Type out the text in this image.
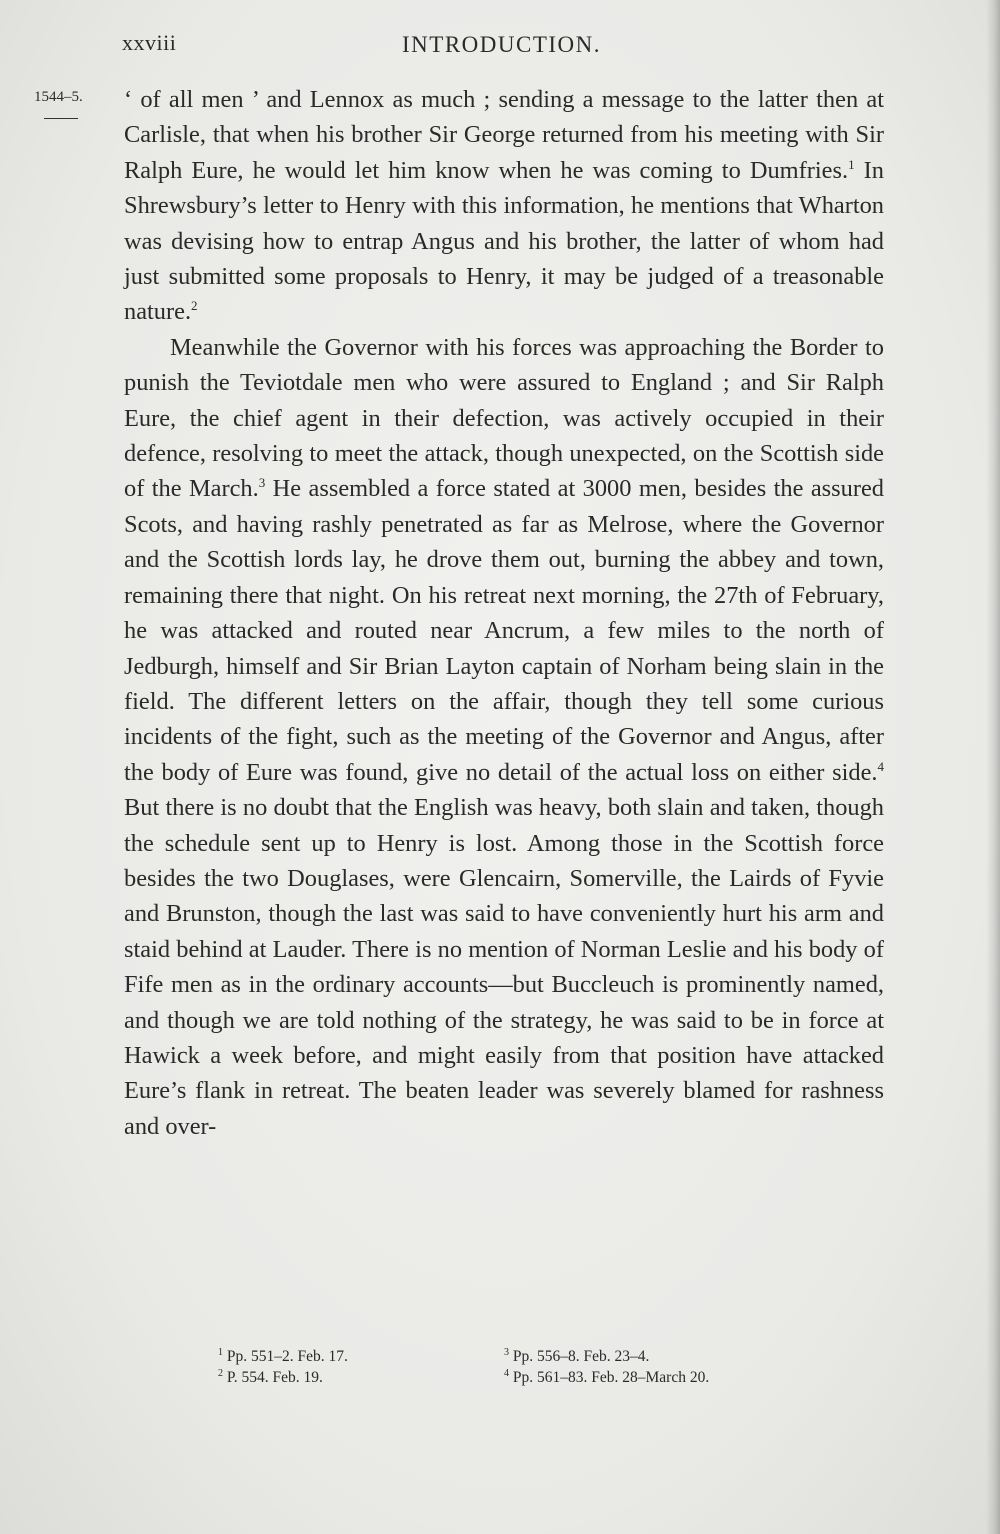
xxviii	INTRODUCTION.
1544–5. ‘ of all men ’ and Lennox as much ; sending a message to the latter then at Carlisle, that when his brother Sir George returned from his meeting with Sir Ralph Eure, he would let him know when he was coming to Dumfries.$^1$ In Shrewsbury’s letter to Henry with this information, he mentions that Wharton was devising how to entrap Angus and his brother, the latter of whom had just submitted some proposals to Henry, it may be judged of a treasonable nature.$^2$

Meanwhile the Governor with his forces was approaching the Border to punish the Teviotdale men who were assured to England ; and Sir Ralph Eure, the chief agent in their defection, was actively occupied in their defence, resolving to meet the attack, though unexpected, on the Scottish side of the March.$^3$ He assembled a force stated at 3000 men, besides the assured Scots, and having rashly penetrated as far as Melrose, where the Governor and the Scottish lords lay, he drove them out, burning the abbey and town, remaining there that night. On his retreat next morning, the 27th of February, he was attacked and routed near Ancrum, a few miles to the north of Jedburgh, himself and Sir Brian Layton captain of Norham being slain in the field. The different letters on the affair, though they tell some curious incidents of the fight, such as the meeting of the Governor and Angus, after the body of Eure was found, give no detail of the actual loss on either side.$^4$ But there is no doubt that the English was heavy, both slain and taken, though the schedule sent up to Henry is lost. Among those in the Scottish force besides the two Douglases, were Glencairn, Somerville, the Lairds of Fyvie and Brunston, though the last was said to have conveniently hurt his arm and staid behind at Lauder. There is no mention of Norman Leslie and his body of Fife men as in the ordinary accounts—but Buccleuch is prominently named, and though we are told nothing of the strategy, he was said to be in force at Hawick a week before, and might easily from that position have attacked Eure’s flank in retreat. The beaten leader was severely blamed for rashness and over-

$^1$ Pp. 551–2. Feb. 17.
$^2$ P. 554. Feb. 19.
$^3$ Pp. 556–8. Feb. 23–4.
$^4$ Pp. 561–83. Feb. 28–March 20.
